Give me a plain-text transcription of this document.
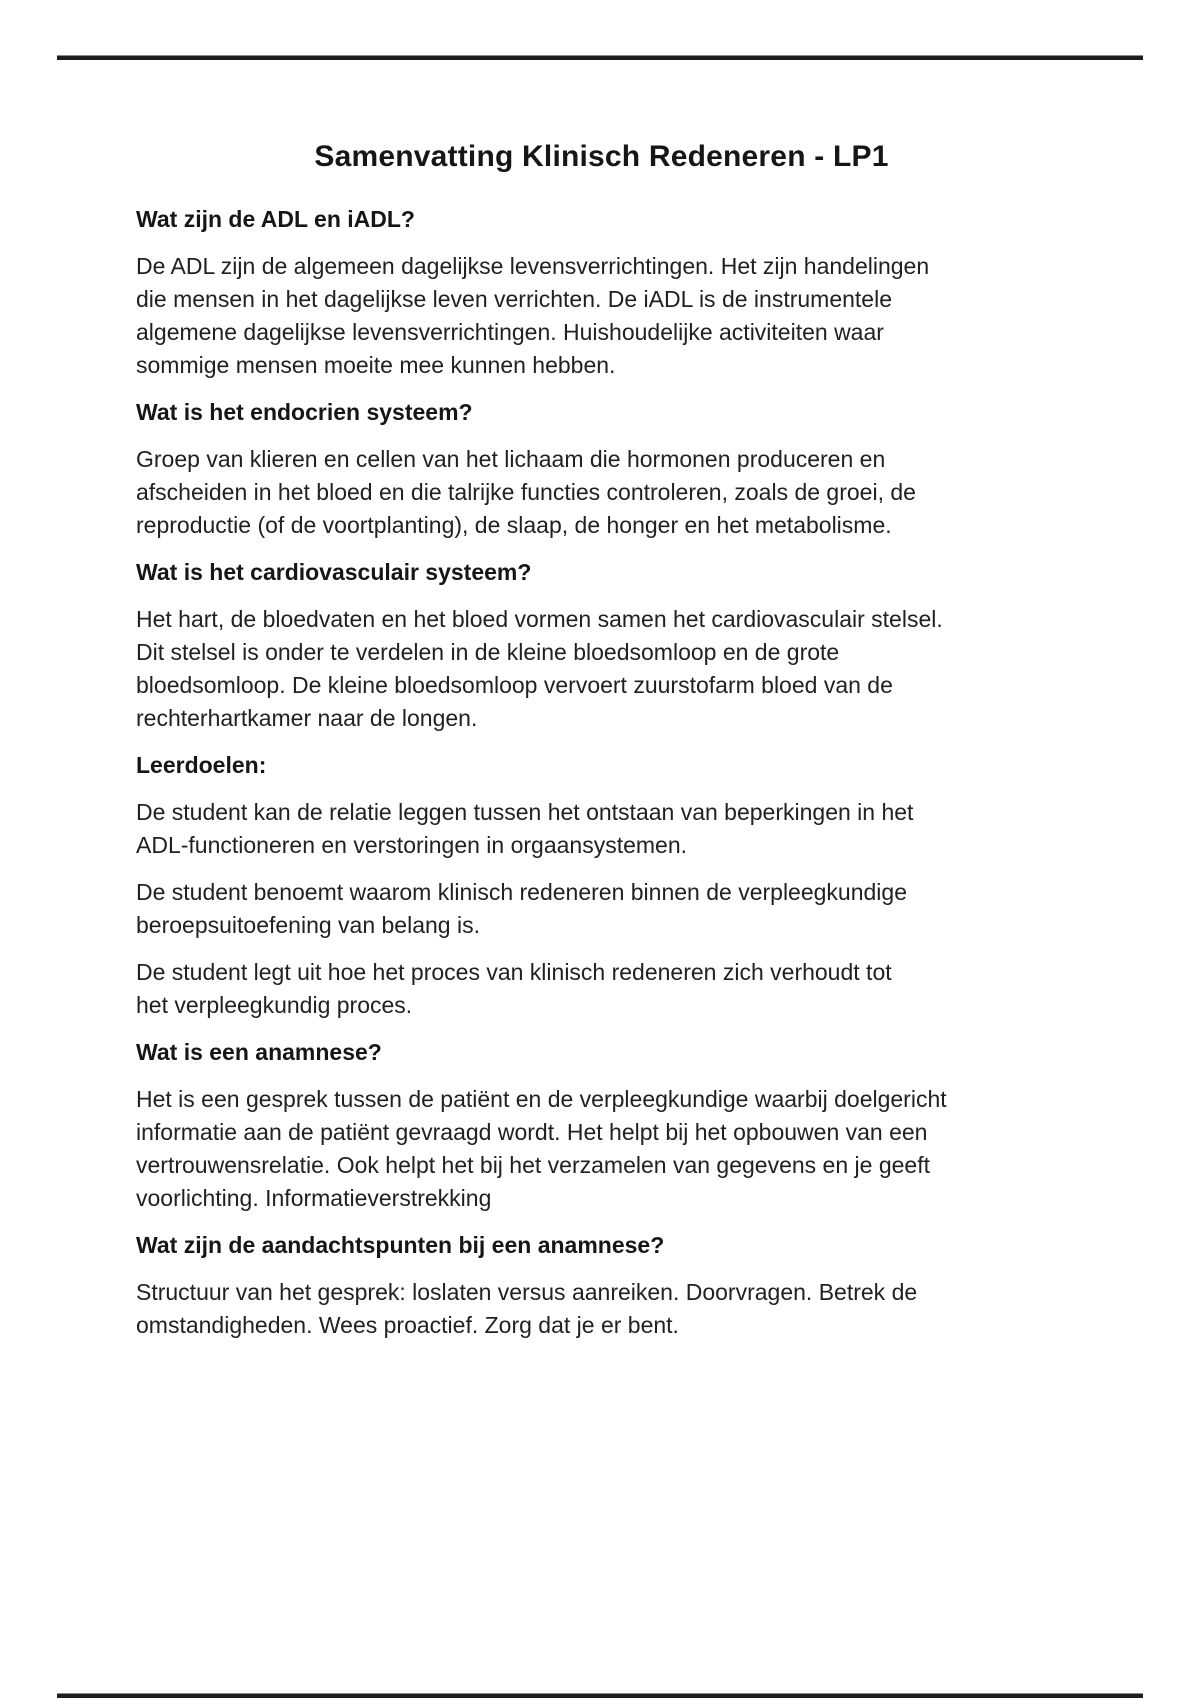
Samenvatting Klinisch Redeneren - LP1
Wat zijn de ADL en iADL?
De ADL zijn de algemeen dagelijkse levensverrichtingen. Het zijn handelingen
die mensen in het dagelijkse leven verrichten. De iADL is de instrumentele
algemene dagelijkse levensverrichtingen. Huishoudelijke activiteiten waar
sommige mensen moeite mee kunnen hebben.
Wat is het endocrien systeem?
Groep van klieren en cellen van het lichaam die hormonen produceren en
afscheiden in het bloed en die talrijke functies controleren, zoals de groei, de
reproductie (of de voortplanting), de slaap, de honger en het metabolisme.
Wat is het cardiovasculair systeem?
Het hart, de bloedvaten en het bloed vormen samen het cardiovasculair stelsel.
Dit stelsel is onder te verdelen in de kleine bloedsomloop en de grote
bloedsomloop. De kleine bloedsomloop vervoert zuurstofarm bloed van de
rechterhartkamer naar de longen.
Leerdoelen:
De student kan de relatie leggen tussen het ontstaan van beperkingen in het
ADL-functioneren en verstoringen in orgaansystemen.
De student benoemt waarom klinisch redeneren binnen de verpleegkundige
beroepsuitoefening van belang is.
De student legt uit hoe het proces van klinisch redeneren zich verhoudt tot
het verpleegkundig proces.
Wat is een anamnese?
Het is een gesprek tussen de patiënt en de verpleegkundige waarbij doelgericht
informatie aan de patiënt gevraagd wordt. Het helpt bij het opbouwen van een
vertrouwensrelatie. Ook helpt het bij het verzamelen van gegevens en je geeft
voorlichting. Informatieverstrekking
Wat zijn de aandachtspunten bij een anamnese?
Structuur van het gesprek: loslaten versus aanreiken. Doorvragen. Betrek de
omstandigheden. Wees proactief. Zorg dat je er bent.
